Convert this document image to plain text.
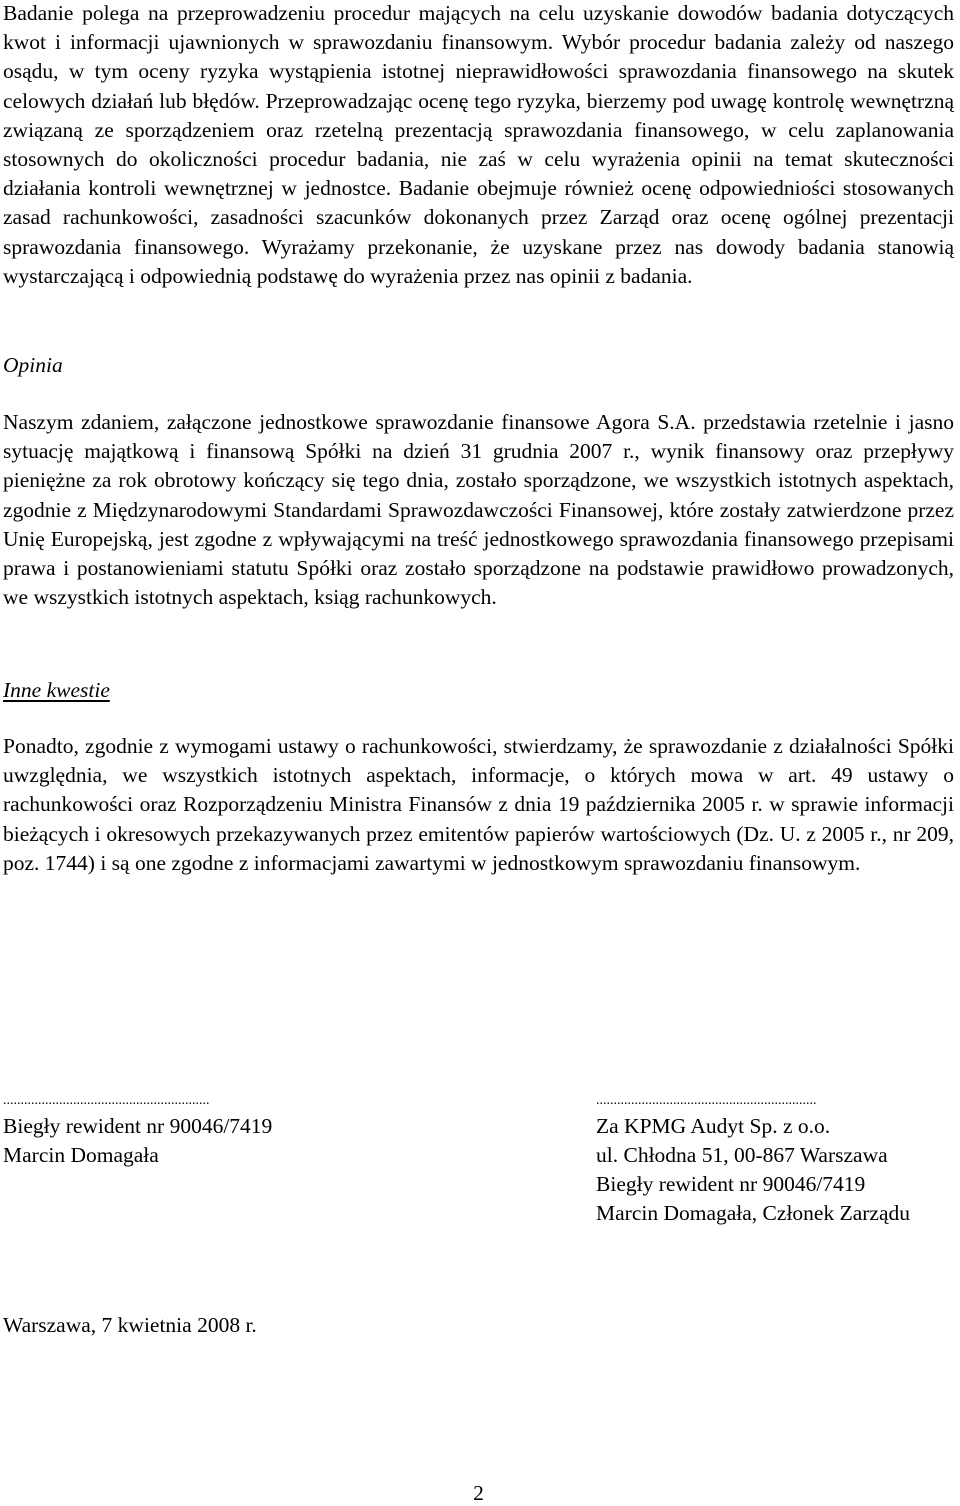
Badanie polega na przeprowadzeniu procedur mających na celu uzyskanie dowodów badania dotyczących kwot i informacji ujawnionych w sprawozdaniu finansowym. Wybór procedur badania zależy od naszego osądu, w tym oceny ryzyka wystąpienia istotnej nieprawidłowości sprawozdania finansowego na skutek celowych działań lub błędów. Przeprowadzając ocenę tego ryzyka, bierzemy pod uwagę kontrolę wewnętrzną związaną ze sporządzeniem oraz rzetelną prezentacją sprawozdania finansowego, w celu zaplanowania stosownych do okoliczności procedur badania, nie zaś w celu wyrażenia opinii na temat skuteczności działania kontroli wewnętrznej w jednostce. Badanie obejmuje również ocenę odpowiedniości stosowanych zasad rachunkowości, zasadności szacunków dokonanych przez Zarząd oraz ocenę ogólnej prezentacji sprawozdania finansowego. Wyrażamy przekonanie, że uzyskane przez nas dowody badania stanowią wystarczającą i odpowiednią podstawę do wyrażenia przez nas opinii z badania.

Opinia

Naszym zdaniem, załączone jednostkowe sprawozdanie finansowe Agora S.A. przedstawia rzetelnie i jasno sytuację majątkową i finansową Spółki na dzień 31 grudnia 2007 r., wynik finansowy oraz przepływy pieniężne za rok obrotowy kończący się tego dnia, zostało sporządzone, we wszystkich istotnych aspektach, zgodnie z Międzynarodowymi Standardami Sprawozdawczości Finansowej, które zostały zatwierdzone przez Unię Europejską, jest zgodne z wpływającymi na treść jednostkowego sprawozdania finansowego przepisami prawa i postanowieniami statutu Spółki oraz zostało sporządzone na podstawie prawidłowo prowadzonych, we wszystkich istotnych aspektach, ksiąg rachunkowych.

Inne kwestie

Ponadto, zgodnie z wymogami ustawy o rachunkowości, stwierdzamy, że sprawozdanie z działalności Spółki uwzględnia, we wszystkich istotnych aspektach, informacje, o których mowa w art. 49 ustawy o rachunkowości oraz Rozporządzeniu Ministra Finansów z dnia 19 października 2005 r. w sprawie informacji bieżących i okresowych przekazywanych przez emitentów papierów wartościowych (Dz. U. z 2005 r., nr 209, poz. 1744) i są one zgodne z informacjami zawartymi w jednostkowym sprawozdaniu finansowym.

...........................................................
Biegły rewident nr 90046/7419
Marcin Domagała
...............................................................
Za KPMG Audyt Sp. z o.o.
ul. Chłodna 51, 00-867 Warszawa
Biegły rewident nr 90046/7419
Marcin Domagała, Członek Zarządu
Warszawa, 7 kwietnia 2008 r.
2
